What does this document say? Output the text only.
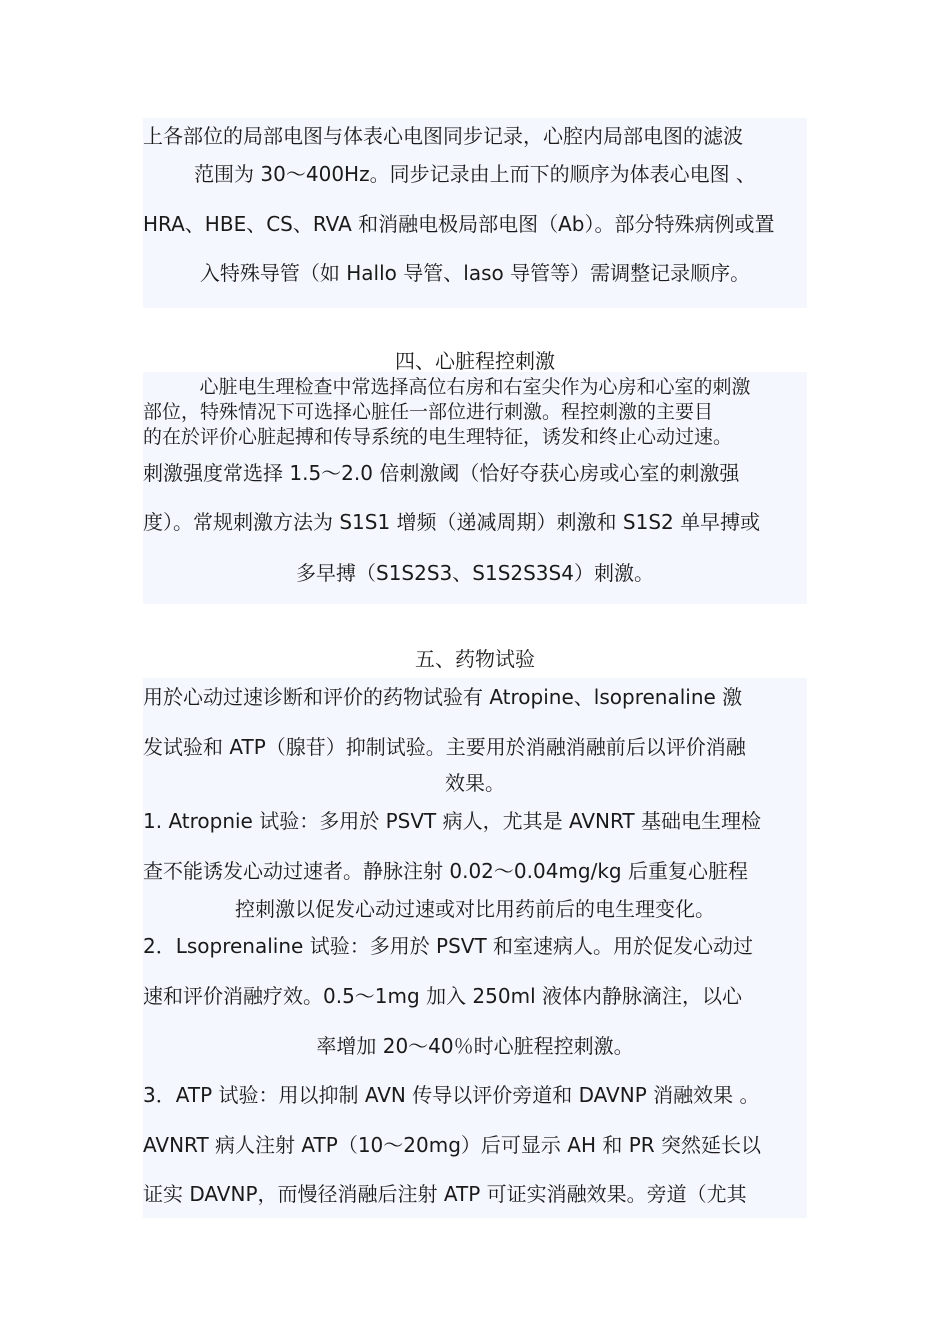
上各部位的局部电图与体表心电图同步记录，心腔内局部电图的滤波
范围为 30～400Hz。同步记录由上而下的顺序为体表心电图 、
HRA、HBE、CS、RVA 和消融电极局部电图（Ab）。部分特殊病例或置
入特殊导管（如 Hallo 导管、laso 导管等）需调整记录顺序。
四、心脏程控刺激
心脏电生理检查中常选择高位右房和右室尖作为心房和心室的刺激
部位，特殊情况下可选择心脏任一部位进行刺激。程控刺激的主要目
的在於评价心脏起搏和传导系统的电生理特征，诱发和终止心动过速。
刺激强度常选择 1.5～2.0 倍刺激阈（恰好夺获心房或心室的刺激强
度）。常规刺激方法为 S1S1 增频（递减周期）刺激和 S1S2 单早搏或
多早搏（S1S2S3、S1S2S3S4）刺激。
五、药物试验
用於心动过速诊断和评价的药物试验有 Atropine、lsoprenaline 激
发试验和 ATP（腺苷）抑制试验。主要用於消融消融前后以评价消融
效果。
1. Atropnie 试验：多用於 PSVT 病人，尤其是 AVNRT 基础电生理检
查不能诱发心动过速者。静脉注射 0.02～0.04mg/kg 后重复心脏程
控刺激以促发心动过速或对比用药前后的电生理变化。
2．Lsoprenaline 试验：多用於 PSVT 和室速病人。用於促发心动过
速和评价消融疗效。0.5～1mg 加入 250ml 液体内静脉滴注，以心
率增加 20～40％时心脏程控刺激。
3．ATP 试验：用以抑制 AVN 传导以评价旁道和 DAVNP 消融效果 。
AVNRT 病人注射 ATP（10～20mg）后可显示 AH 和 PR 突然延长以
证实 DAVNP，而慢径消融后注射 ATP 可证实消融效果。旁道（尤其
